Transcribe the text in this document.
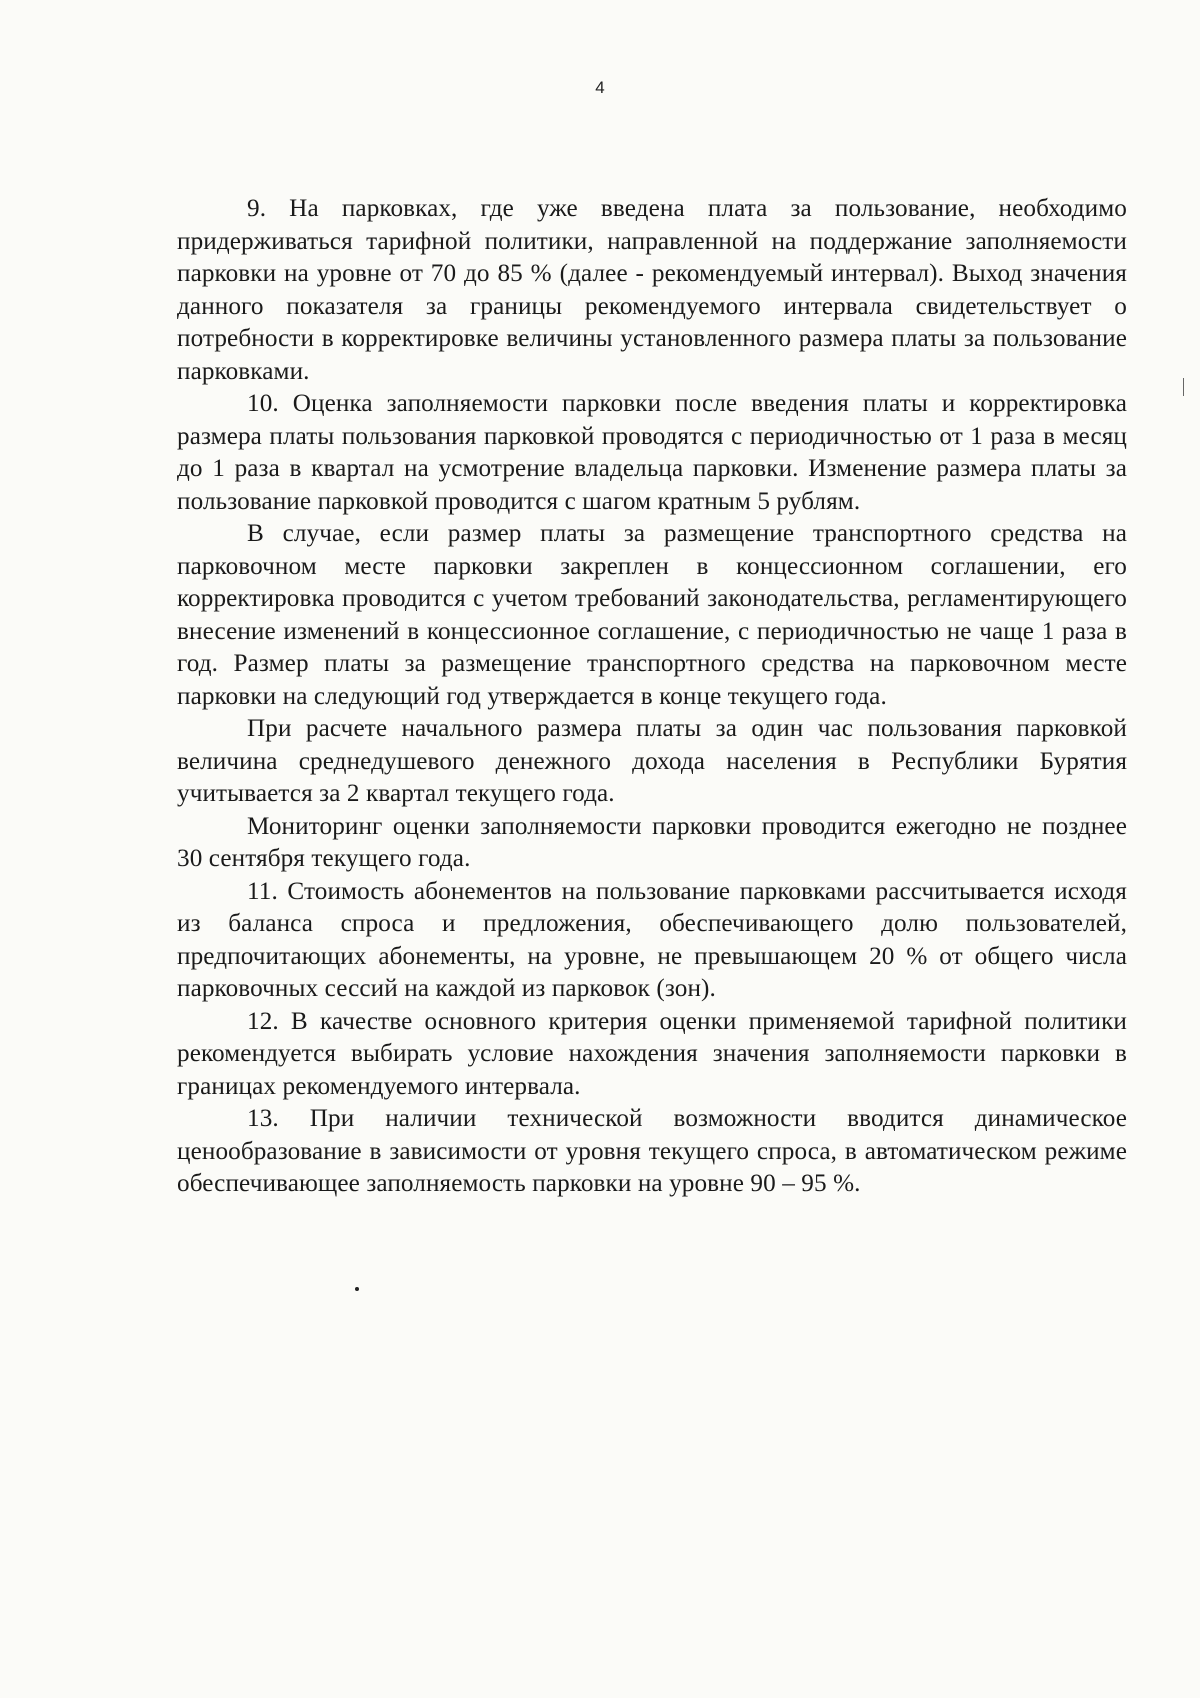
4

9. На парковках, где уже введена плата за пользование, необходимо придерживаться тарифной политики, направленной на поддержание заполняемости парковки на уровне от 70 до 85 % (далее - рекомендуемый интервал). Выход значения данного показателя за границы рекомендуемого интервала свидетельствует о потребности в корректировке величины установленного размера платы за пользование парковками.

10. Оценка заполняемости парковки после введения платы и корректировка размера платы пользования парковкой проводятся с периодичностью от 1 раза в месяц до 1 раза в квартал на усмотрение владельца парковки. Изменение размера платы за пользование парковкой проводится с шагом кратным 5 рублям.

В случае, если размер платы за размещение транспортного средства на парковочном месте парковки закреплен в концессионном соглашении, его корректировка проводится с учетом требований законодательства, регламентирующего внесение изменений в концессионное соглашение, с периодичностью не чаще 1 раза в год. Размер платы за размещение транспортного средства на парковочном месте парковки на следующий год утверждается в конце текущего года.

При расчете начального размера платы за один час пользования парковкой величина среднедушевого денежного дохода населения в Республики Бурятия учитывается за 2 квартал текущего года.

Мониторинг оценки заполняемости парковки проводится ежегодно не позднее 30 сентября текущего года.

11. Стоимость абонементов на пользование парковками рассчитывается исходя из баланса спроса и предложения, обеспечивающего долю пользователей, предпочитающих абонементы, на уровне, не превышающем 20 % от общего числа парковочных сессий на каждой из парковок (зон).

12. В качестве основного критерия оценки применяемой тарифной политики рекомендуется выбирать условие нахождения значения заполняемости парковки в границах рекомендуемого интервала.

13. При наличии технической возможности вводится динамическое ценообразование в зависимости от уровня текущего спроса, в автоматическом режиме обеспечивающее заполняемость парковки на уровне 90 – 95 %.
